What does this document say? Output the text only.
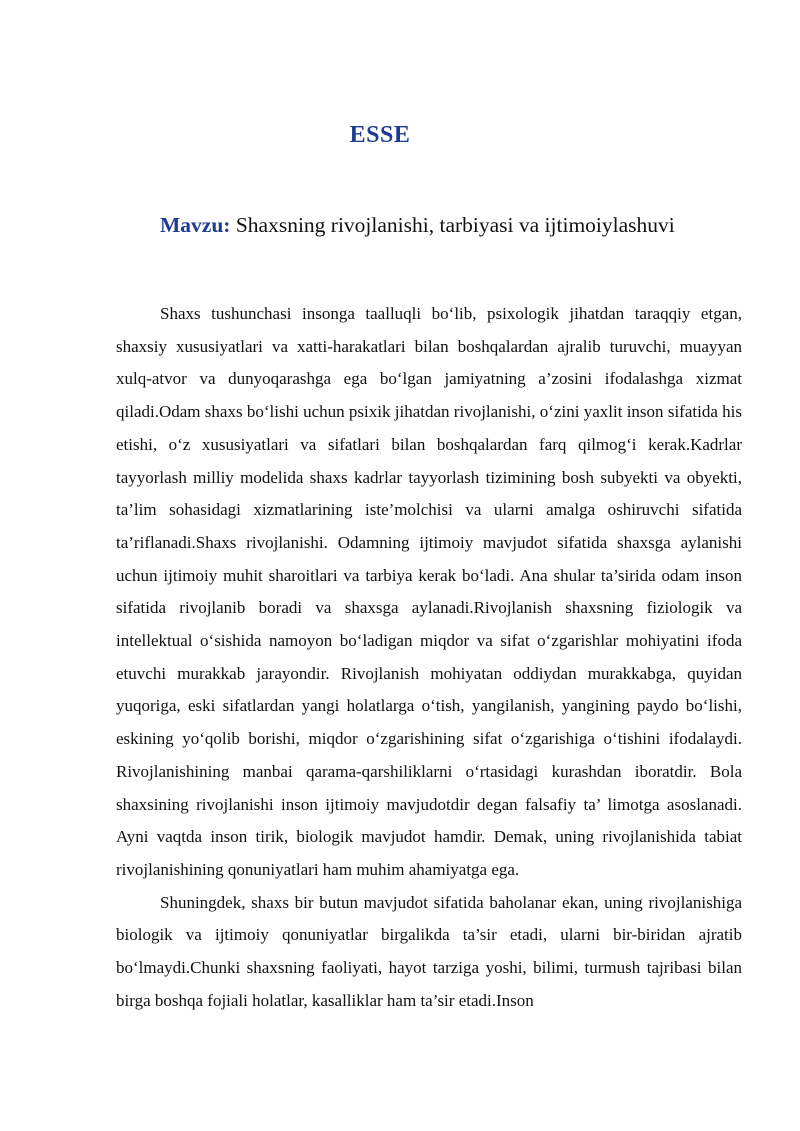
ESSE
Mavzu: Shaxsning rivojlanishi, tarbiyasi va ijtimoiylashuvi

Shaxs tushunchasi insonga taalluqli bo‘lib, psixologik jihatdan taraqqiy etgan, shaxsiy xususiyatlari va xatti-harakatlari bilan boshqalardan ajralib turuvchi, muayyan xulq-atvor va dunyoqarashga ega bo‘lgan jamiyatning a’zosini ifodalashga xizmat qiladi.Odam shaxs bo‘lishi uchun psixik jihatdan rivojlanishi, o‘zini yaxlit inson sifatida his etishi, o‘z xususiyatlari va sifatlari bilan boshqalardan farq qilmog‘i kerak.Kadrlar tayyorlash milliy modelida shaxs kadrlar tayyorlash tizimining bosh subyekti va obyekti, ta’lim sohasidagi xizmatlarining iste’molchisi va ularni amalga oshiruvchi sifatida ta’riflanadi.Shaxs rivojlanishi. Odamning ijtimoiy mavjudot sifatida shaxsga aylanishi uchun ijtimoiy muhit sharoitlari va tarbiya kerak bo‘ladi. Ana shular ta’sirida odam inson sifatida rivojlanib boradi va shaxsga aylanadi.Rivojlanish shaxsning fiziologik va intellektual o‘sishida namoyon bo‘ladigan miqdor va sifat o‘zgarishlar mohiyatini ifoda etuvchi murakkab jarayondir. Rivojlanish mohiyatan oddiydan murakkabga, quyidan yuqoriga, eski sifatlardan yangi holatlarga o‘tish, yangilanish, yangining paydo bo‘lishi, eskining yo‘qolib borishi, miqdor o‘zgarishining sifat o‘zgarishiga o‘tishini ifodalaydi. Rivojlanishining manbai qarama-qarshiliklarni o‘rtasidagi kurashdan iboratdir. Bola shaxsining rivojlanishi inson ijtimoiy mavjudotdir degan falsafiy ta’ limotga asoslanadi. Ayni vaqtda inson tirik, biologik mavjudot hamdir. Demak, uning rivojlanishida tabiat rivojlanishining qonuniyatlari ham muhim ahamiyatga ega.

Shuningdek, shaxs bir butun mavjudot sifatida baholanar ekan, uning rivojlanishiga biologik va ijtimoiy qonuniyatlar birgalikda ta’sir etadi, ularni bir-biridan ajratib bo‘lmaydi.Chunki shaxsning faoliyati, hayot tarziga yoshi, bilimi, turmush tajribasi bilan birga boshqa fojiali holatlar, kasalliklar ham ta’sir etadi.Inson
